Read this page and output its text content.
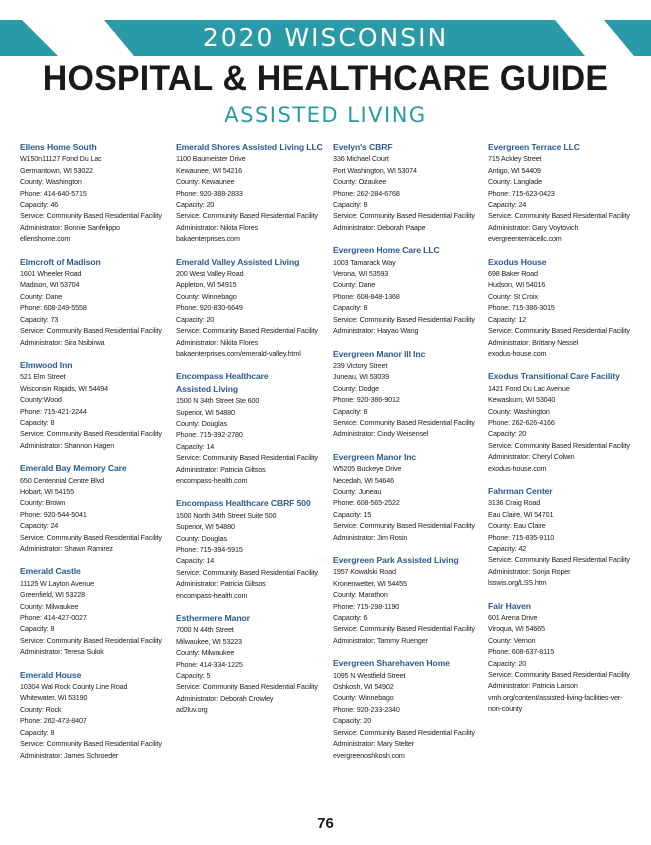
2020 WISCONSIN
HOSPITAL & HEALTHCARE GUIDE
ASSISTED LIVING
Ellens Home South
W150n11127 Fond Du Lac
Germantown, WI 53022
County: Washington
Phone: 414-640-5715
Capacity: 46
Service: Community Based Residential Facility
Administrator: Bonnie Sanfelippo
ellenshome.com
Elmcroft of Madison
1601 Wheeler Road
Madison, WI 53704
County: Dane
Phone: 608-249-5558
Capacity: 73
Service: Community Based Residential Facility
Administrator: Sira Nsibirwa
Elmwood Inn
521 Elm Street
Wisconsin Rapids, WI 54494
County:Wood
Phone: 715-421-2244
Capacity: 8
Service: Community Based Residential Facility
Administrator: Shannon Hagen
Emerald Bay Memory Care
650 Centennial Centre Blvd
Hobart, WI 54155
County: Brown
Phone: 920-544-5041
Capacity: 24
Service: Community Based Residential Facility
Administrator: Shawn Ramirez
Emerald Castle
11125 W Layton Avenue
Greenfield, WI 53228
County: Milwaukee
Phone: 414-427-0027
Capacity: 8
Service: Community Based Residential Facility
Administrator: Teresa Sulok
Emerald House
10304 Wal Rock County Line Road
Whitewater, WI 53190
County: Rock
Phone: 262-473-8407
Capacity: 8
Service: Community Based Residential Facility
Administrator: James Schroeder
Emerald Shores Assisted Living LLC
1100 Baumeister Drive
Kewaunee, WI 54216
County: Kewaunee
Phone: 920-388-2833
Capacity: 20
Service: Community Based Residential Facility
Administrator: Nikita Flores
bakaenterprises.com
Emerald Valley Assisted Living
200 West Valley Road
Appleton, WI 54915
County: Winnebago
Phone: 920-830-6649
Capacity: 20
Service: Community Based Residential Facility
Administrator: Nikita Flores
bakaenterprises.com/emerald-valley.html
Encompass Healthcare
Assisted Living
1500 N 34th Street Ste 600
Superior, WI 54880
County: Douglas
Phone: 715-392-2780
Capacity: 14
Service: Community Based Residential Facility
Administrator: Patricia Giltsos
encompass-health.com
Encompass Healthcare CBRF 500
1500 North 34th Street Suite 500
Superior, WI 54880
County: Douglas
Phone: 715-394-5915
Capacity: 14
Service: Community Based Residential Facility
Administrator: Patricia Giltsos
encompass-health.com
Esthermere Manor
7000 N 44th Street
Milwaukee, WI 53223
County: Milwaukee
Phone: 414-334-1225
Capacity: 5
Service: Community Based Residential Facility
Administrator: Deborah Crowley
ad2luv.org
Evelyn's CBRF
336 Michael Court
Port Washington, WI 53074
County: Ozaukee
Phone: 262-284-6768
Capacity: 8
Service: Community Based Residential Facility
Administrator: Deborah Paape
Evergreen Home Care LLC
1003 Tamarack Way
Verona, WI 53593
County: Dane
Phone: 608-848-1368
Capacity: 8
Service: Community Based Residential Facility
Administrator: Haiyao Wang
Evergreen Manor III Inc
239 Victory Street
Juneau, WI 53039
County: Dodge
Phone: 920-386-9012
Capacity: 8
Service: Community Based Residential Facility
Administrator: Cindy Weisensel
Evergreen Manor Inc
W5205 Buckeye Drive
Necedah, WI 54646
County: Juneau
Phone: 608-565-2522
Capacity: 15
Service: Community Based Residential Facility
Administrator: Jim Rosin
Evergreen Park Assisted Living
1957 Kowalski Road
Kronenwetter, WI 54455
County: Marathon
Phone: 715-298-1190
Capacity: 6
Service: Community Based Residential Facility
Administrator: Tammy Ruenger
Evergreen Sharehaven Home
1095 N Westfield Street
Oshkosh, WI 54902
County: Winnebago
Phone: 920-233-2340
Capacity: 20
Service: Community Based Residential Facility
Administrator: Mary Stelter
evergreenoshkosh.com
Evergreen Terrace LLC
715 Ackley Street
Antigo, WI 54409
County: Langlade
Phone: 715-623-0423
Capacity: 24
Service: Community Based Residential Facility
Administrator: Gary Voytovich
evergreenterracellc.com
Exodus House
698 Baker Road
Hudson, WI 54016
County: St Croix
Phone: 715-386-3015
Capacity: 12
Service: Community Based Residential Facility
Administrator: Brittany Nessel
exodus-house.com
Exodus Transitional Care Facility
1421 Fond Du Lac Avenue
Kewaskum, WI 53040
County: Washington
Phone: 262-626-4166
Capacity: 20
Service: Community Based Residential Facility
Administrator: Cheryl Colwin
exodus-house.com
Fahrman Center
3136 Craig Road
Eau Claire, WI 54701
County: Eau Claire
Phone: 715-835-9110
Capacity: 42
Service: Community Based Residential Facility
Administrator: Sonja Roper
lsswis.org/LSS.htm
Fair Haven
601 Arena Drive
Viroqua, WI 54665
County: Vernon
Phone: 608-637-8115
Capacity: 20
Service: Community Based Residential Facility
Administrator: Patricia Larson
vmh.org/content/assisted-living-facilities-ver-
non-county
76
